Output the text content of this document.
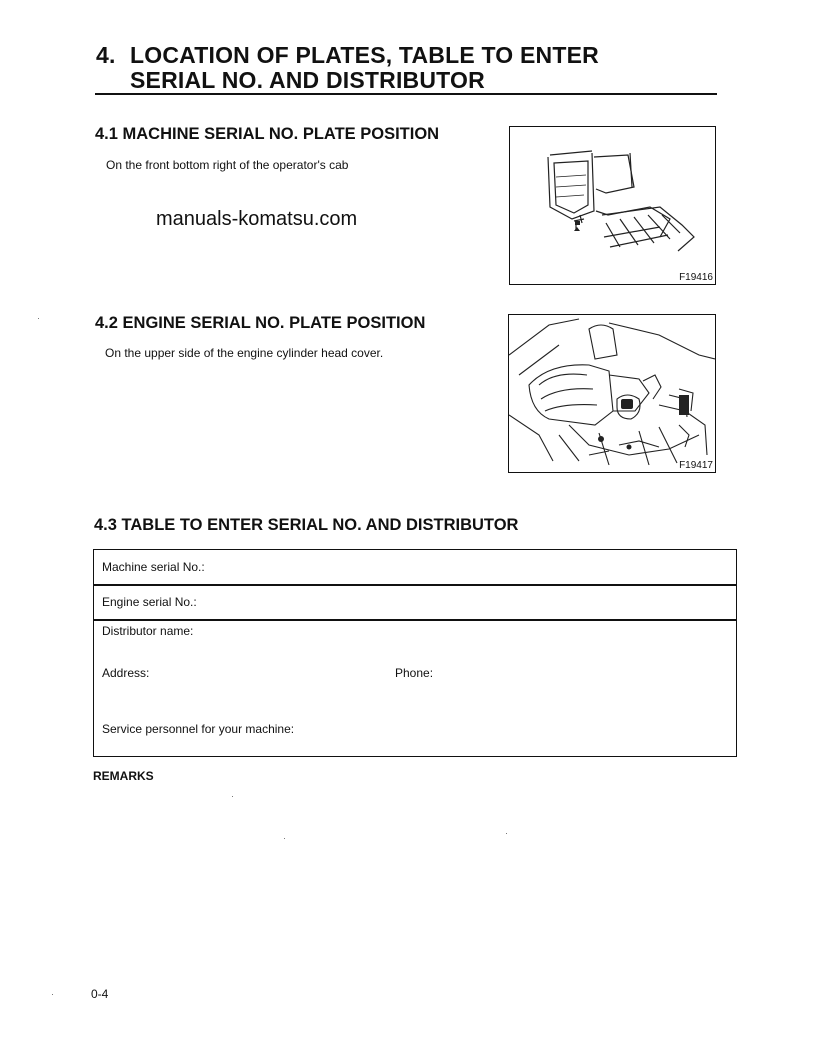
4. LOCATION OF PLATES, TABLE TO ENTER
SERIAL NO. AND DISTRIBUTOR
4.1 MACHINE SERIAL NO. PLATE POSITION
On the front bottom right of the operator's cab
manuals-komatsu.com
F19416
4.2 ENGINE SERIAL NO. PLATE POSITION
On the upper side of the engine cylinder head cover.
F19417
4.3 TABLE TO ENTER SERIAL NO. AND DISTRIBUTOR
Machine serial No.:
Engine serial No.:
Distributor name:
Address:	Phone:
Service personnel for your machine:
REMARKS
0-4
